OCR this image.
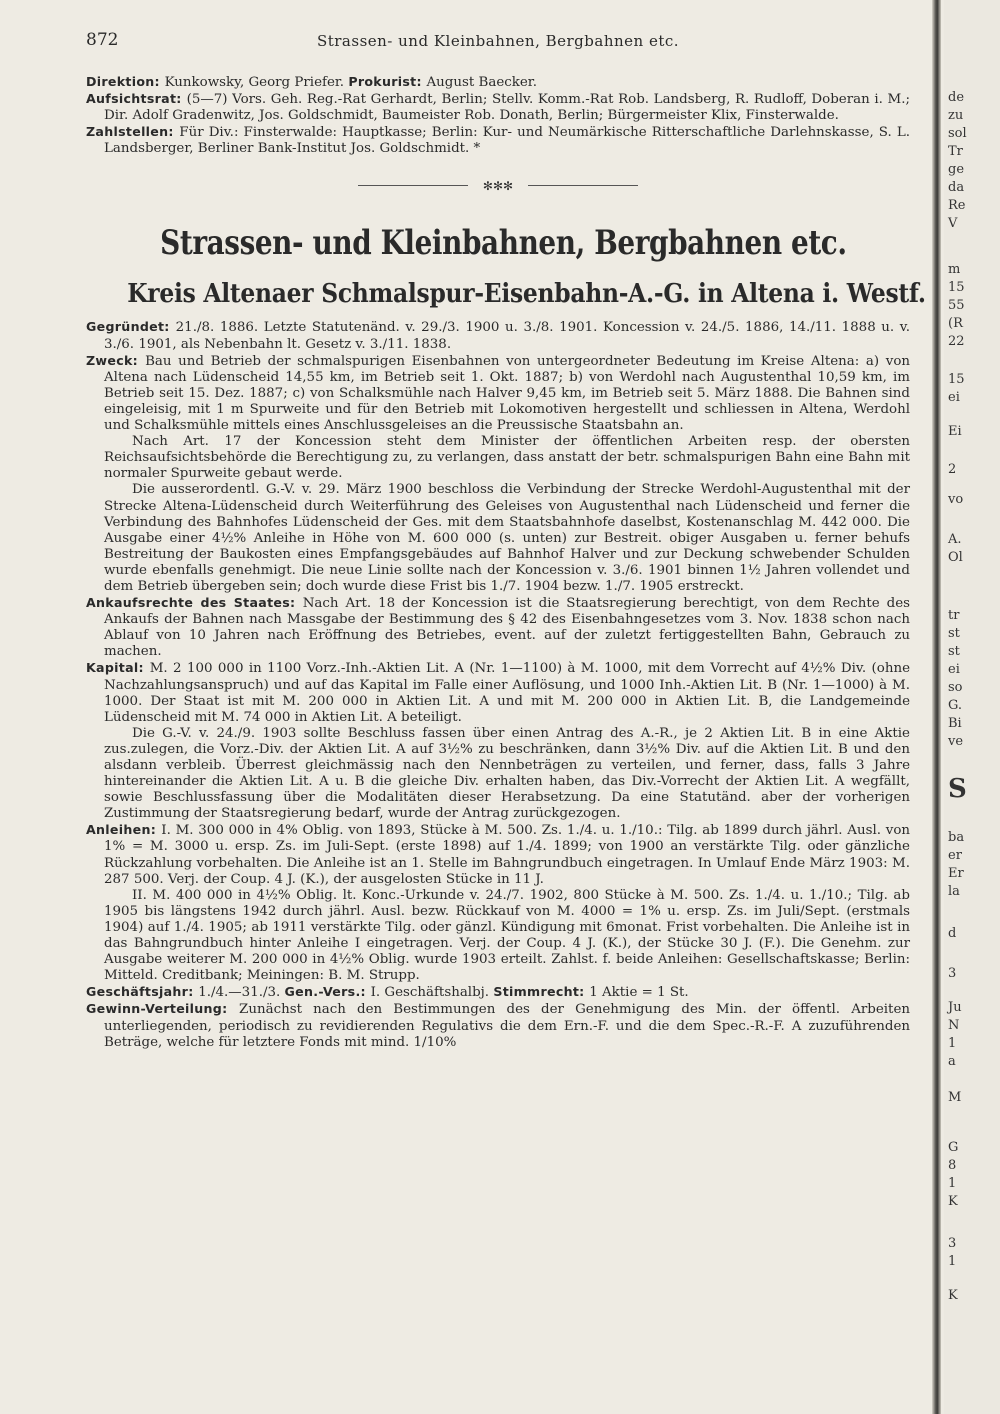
872	Strassen- und Kleinbahnen, Bergbahnen etc.

Direktion: Kunkowsky, Georg Priefer. Prokurist: August Baecker.

Aufsichtsrat: (5—7) Vors. Geh. Reg.-Rat Gerhardt, Berlin; Stellv. Komm.-Rat Rob. Landsberg, R. Rudloff, Doberan i. M.; Dir. Adolf Gradenwitz, Jos. Goldschmidt, Baumeister Rob. Donath, Berlin; Bürgermeister Klix, Finsterwalde.

Zahlstellen: Für Div.: Finsterwalde: Hauptkasse; Berlin: Kur- und Neumärkische Ritterschaftliche Darlehnskasse, S. L. Landsberger, Berliner Bank-Institut Jos. Goldschmidt. *

✻✻✻
Strassen- und Kleinbahnen, Bergbahnen etc.
Kreis Altenaer Schmalspur-Eisenbahn-A.-G. in Altena i. Westf.

Gegründet: 21./8. 1886. Letzte Statutenänd. v. 29./3. 1900 u. 3./8. 1901. Koncession v. 24./5. 1886, 14./11. 1888 u. v. 3./6. 1901, als Nebenbahn lt. Gesetz v. 3./11. 1838.

Zweck: Bau und Betrieb der schmalspurigen Eisenbahnen von untergeordneter Bedeutung im Kreise Altena: a) von Altena nach Lüdenscheid 14,55 km, im Betrieb seit 1. Okt. 1887; b) von Werdohl nach Augustenthal 10,59 km, im Betrieb seit 15. Dez. 1887; c) von Schalksmühle nach Halver 9,45 km, im Betrieb seit 5. März 1888. Die Bahnen sind eingeleisig, mit 1 m Spurweite und für den Betrieb mit Lokomotiven hergestellt und schliessen in Altena, Werdohl und Schalksmühle mittels eines Anschlussgeleises an die Preussische Staatsbahn an.

Nach Art. 17 der Koncession steht dem Minister der öffentlichen Arbeiten resp. der obersten Reichsaufsichtsbehörde die Berechtigung zu, zu verlangen, dass anstatt der betr. schmalspurigen Bahn eine Bahn mit normaler Spurweite gebaut werde.

Die ausserordentl. G.-V. v. 29. März 1900 beschloss die Verbindung der Strecke Werdohl-Augustenthal mit der Strecke Altena-Lüdenscheid durch Weiterführung des Geleises von Augustenthal nach Lüdenscheid und ferner die Verbindung des Bahnhofes Lüdenscheid der Ges. mit dem Staatsbahnhofe daselbst, Kostenanschlag M. 442 000. Die Ausgabe einer 4½% Anleihe in Höhe von M. 600 000 (s. unten) zur Bestreit. obiger Ausgaben u. ferner behufs Bestreitung der Baukosten eines Empfangsgebäudes auf Bahnhof Halver und zur Deckung schwebender Schulden wurde ebenfalls genehmigt. Die neue Linie sollte nach der Koncession v. 3./6. 1901 binnen 1½ Jahren vollendet und dem Betrieb übergeben sein; doch wurde diese Frist bis 1./7. 1904 bezw. 1./7. 1905 erstreckt.

Ankaufsrechte des Staates: Nach Art. 18 der Koncession ist die Staatsregierung berechtigt, von dem Rechte des Ankaufs der Bahnen nach Massgabe der Bestimmung des § 42 des Eisenbahngesetzes vom 3. Nov. 1838 schon nach Ablauf von 10 Jahren nach Eröffnung des Betriebes, event. auf der zuletzt fertiggestellten Bahn, Gebrauch zu machen.

Kapital: M. 2 100 000 in 1100 Vorz.-Inh.-Aktien Lit. A (Nr. 1—1100) à M. 1000, mit dem Vorrecht auf 4½% Div. (ohne Nachzahlungsanspruch) und auf das Kapital im Falle einer Auflösung, und 1000 Inh.-Aktien Lit. B (Nr. 1—1000) à M. 1000. Der Staat ist mit M. 200 000 in Aktien Lit. A und mit M. 200 000 in Aktien Lit. B, die Landgemeinde Lüdenscheid mit M. 74 000 in Aktien Lit. A beteiligt.

Die G.-V. v. 24./9. 1903 sollte Beschluss fassen über einen Antrag des A.-R., je 2 Aktien Lit. B in eine Aktie zus.zulegen, die Vorz.-Div. der Aktien Lit. A auf 3½% zu beschränken, dann 3½% Div. auf die Aktien Lit. B und den alsdann verbleib. Überrest gleichmässig nach den Nennbeträgen zu verteilen, und ferner, dass, falls 3 Jahre hintereinander die Aktien Lit. A u. B die gleiche Div. erhalten haben, das Div.-Vorrecht der Aktien Lit. A wegfällt, sowie Beschlussfassung über die Modalitäten dieser Herabsetzung. Da eine Statutänd. aber der vorherigen Zustimmung der Staatsregierung bedarf, wurde der Antrag zurückgezogen.

Anleihen: I. M. 300 000 in 4% Oblig. von 1893, Stücke à M. 500. Zs. 1./4. u. 1./10.: Tilg. ab 1899 durch jährl. Ausl. von 1% = M. 3000 u. ersp. Zs. im Juli-Sept. (erste 1898) auf 1./4. 1899; von 1900 an verstärkte Tilg. oder gänzliche Rückzahlung vorbehalten. Die Anleihe ist an 1. Stelle im Bahngrundbuch eingetragen. In Umlauf Ende März 1903: M. 287 500. Verj. der Coup. 4 J. (K.), der ausgelosten Stücke in 11 J.

II. M. 400 000 in 4½% Oblig. lt. Konc.-Urkunde v. 24./7. 1902, 800 Stücke à M. 500. Zs. 1./4. u. 1./10.; Tilg. ab 1905 bis längstens 1942 durch jährl. Ausl. bezw. Rückkauf von M. 4000 = 1% u. ersp. Zs. im Juli/Sept. (erstmals 1904) auf 1./4. 1905; ab 1911 verstärkte Tilg. oder gänzl. Kündigung mit 6monat. Frist vorbehalten. Die Anleihe ist in das Bahngrundbuch hinter Anleihe I eingetragen. Verj. der Coup. 4 J. (K.), der Stücke 30 J. (F.). Die Genehm. zur Ausgabe weiterer M. 200 000 in 4½% Oblig. wurde 1903 erteilt. Zahlst. f. beide Anleihen: Gesellschaftskasse; Berlin: Mitteld. Creditbank; Meiningen: B. M. Strupp.

Geschäftsjahr: 1./4.—31./3. Gen.-Vers.: I. Geschäftshalbj. Stimmrecht: 1 Aktie = 1 St.

Gewinn-Verteilung: Zunächst nach den Bestimmungen des der Genehmigung des Min. der öffentl. Arbeiten unterliegenden, periodisch zu revidierenden Regulativs die dem Ern.-F. und die dem Spec.-R.-F. A zuzuführenden Beträge, welche für letztere Fonds mit mind. 1/10%

de
zu
sol
Tr
ge
da
Re
V
m
15
55
(R
22
15
ei
Ei
2
vo
A.
Ol
tr
st
st
ei
so
G.
Bi
ve
S
ba
er
Er
la
d
3
Ju
N
1
a
M
G
8
1
K
3
1
K
